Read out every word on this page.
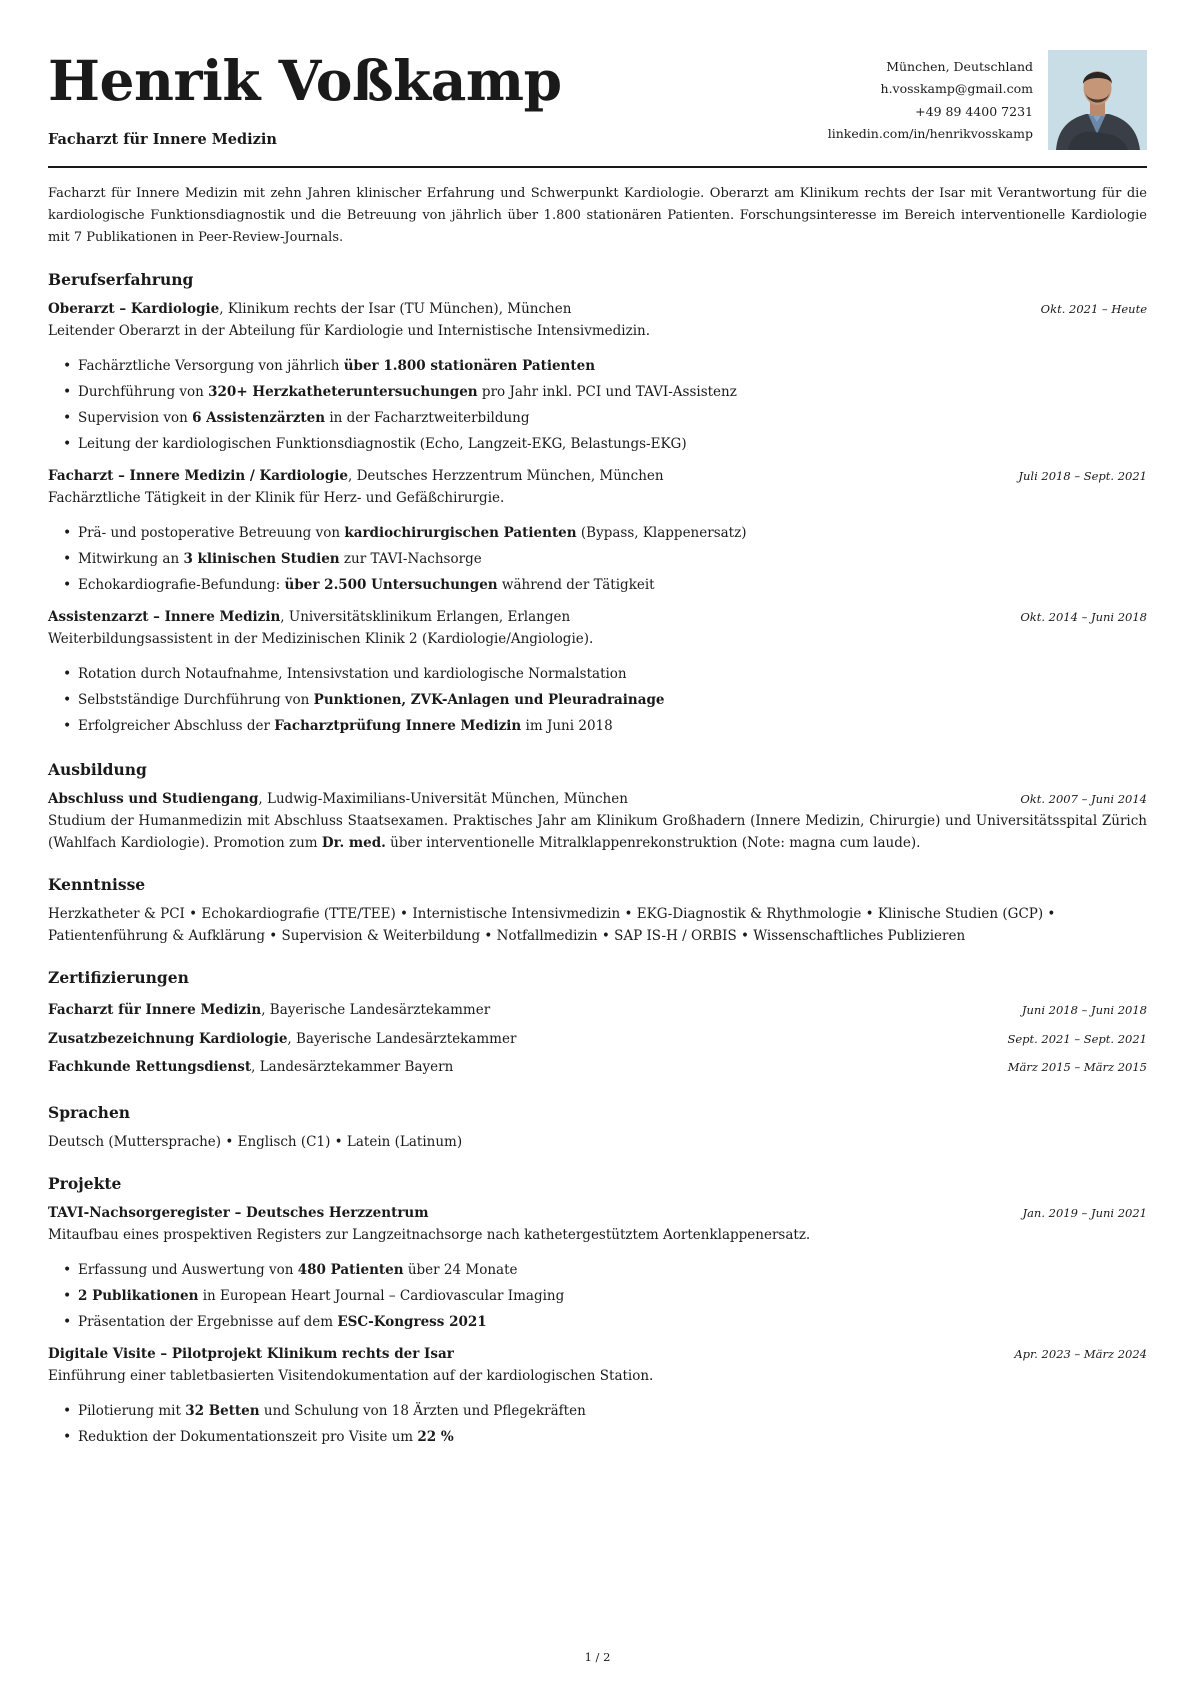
Henrik Voßkamp
Facharzt für Innere Medizin
München, Deutschland
h.vosskamp@gmail.com
+49 89 4400 7231
linkedin.com/in/henrikvosskamp
Facharzt für Innere Medizin mit zehn Jahren klinischer Erfahrung und Schwerpunkt Kardiologie. Oberarzt am Klinikum rechts der Isar mit Verantwortung für die kardiologische Funktionsdiagnostik und die Betreuung von jährlich über 1.800 stationären Patienten. Forschungsinteresse im Bereich interventionelle Kardiologie mit 7 Publikationen in Peer-Review-Journals.
Berufserfahrung
Oberarzt – Kardiologie, Klinikum rechts der Isar (TU München), München	Okt. 2021 – Heute
Leitender Oberarzt in der Abteilung für Kardiologie und Internistische Intensivmedizin.
• Fachärztliche Versorgung von jährlich über 1.800 stationären Patienten
• Durchführung von 320+ Herzkatheteruntersuchungen pro Jahr inkl. PCI und TAVI-Assistenz
• Supervision von 6 Assistenzärzten in der Facharztweiterbildung
• Leitung der kardiologischen Funktionsdiagnostik (Echo, Langzeit-EKG, Belastungs-EKG)
Facharzt – Innere Medizin / Kardiologie, Deutsches Herzzentrum München, München	Juli 2018 – Sept. 2021
Fachärztliche Tätigkeit in der Klinik für Herz- und Gefäßchirurgie.
• Prä- und postoperative Betreuung von kardiochirurgischen Patienten (Bypass, Klappenersatz)
• Mitwirkung an 3 klinischen Studien zur TAVI-Nachsorge
• Echokardiografie-Befundung: über 2.500 Untersuchungen während der Tätigkeit
Assistenzarzt – Innere Medizin, Universitätsklinikum Erlangen, Erlangen	Okt. 2014 – Juni 2018
Weiterbildungsassistent in der Medizinischen Klinik 2 (Kardiologie/Angiologie).
• Rotation durch Notaufnahme, Intensivstation und kardiologische Normalstation
• Selbstständige Durchführung von Punktionen, ZVK-Anlagen und Pleuradrainage
• Erfolgreicher Abschluss der Facharztprüfung Innere Medizin im Juni 2018
Ausbildung
Abschluss und Studiengang, Ludwig-Maximilians-Universität München, München	Okt. 2007 – Juni 2014
Studium der Humanmedizin mit Abschluss Staatsexamen. Praktisches Jahr am Klinikum Großhadern (Innere Medizin, Chirurgie) und Universitätsspital Zürich (Wahlfach Kardiologie). Promotion zum Dr. med. über interventionelle Mitralklappenrekonstruktion (Note: magna cum laude).
Kenntnisse
Herzkatheter & PCI • Echokardiografie (TTE/TEE) • Internistische Intensivmedizin • EKG-Diagnostik & Rhythmologie • Klinische Studien (GCP) • Patientenführung & Aufklärung • Supervision & Weiterbildung • Notfallmedizin • SAP IS-H / ORBIS • Wissenschaftliches Publizieren
Zertifizierungen
Facharzt für Innere Medizin, Bayerische Landesärztekammer	Juni 2018 – Juni 2018
Zusatzbezeichnung Kardiologie, Bayerische Landesärztekammer	Sept. 2021 – Sept. 2021
Fachkunde Rettungsdienst, Landesärztekammer Bayern	März 2015 – März 2015
Sprachen
Deutsch (Muttersprache) • Englisch (C1) • Latein (Latinum)
Projekte
TAVI-Nachsorgeregister – Deutsches Herzzentrum	Jan. 2019 – Juni 2021
Mitaufbau eines prospektiven Registers zur Langzeitnachsorge nach kathetergestütztem Aortenklappenersatz.
• Erfassung und Auswertung von 480 Patienten über 24 Monate
• 2 Publikationen in European Heart Journal – Cardiovascular Imaging
• Präsentation der Ergebnisse auf dem ESC-Kongress 2021
Digitale Visite – Pilotprojekt Klinikum rechts der Isar	Apr. 2023 – März 2024
Einführung einer tabletbasierten Visitendokumentation auf der kardiologischen Station.
• Pilotierung mit 32 Betten und Schulung von 18 Ärzten und Pflegekräften
• Reduktion der Dokumentationszeit pro Visite um 22 %
1 / 2
